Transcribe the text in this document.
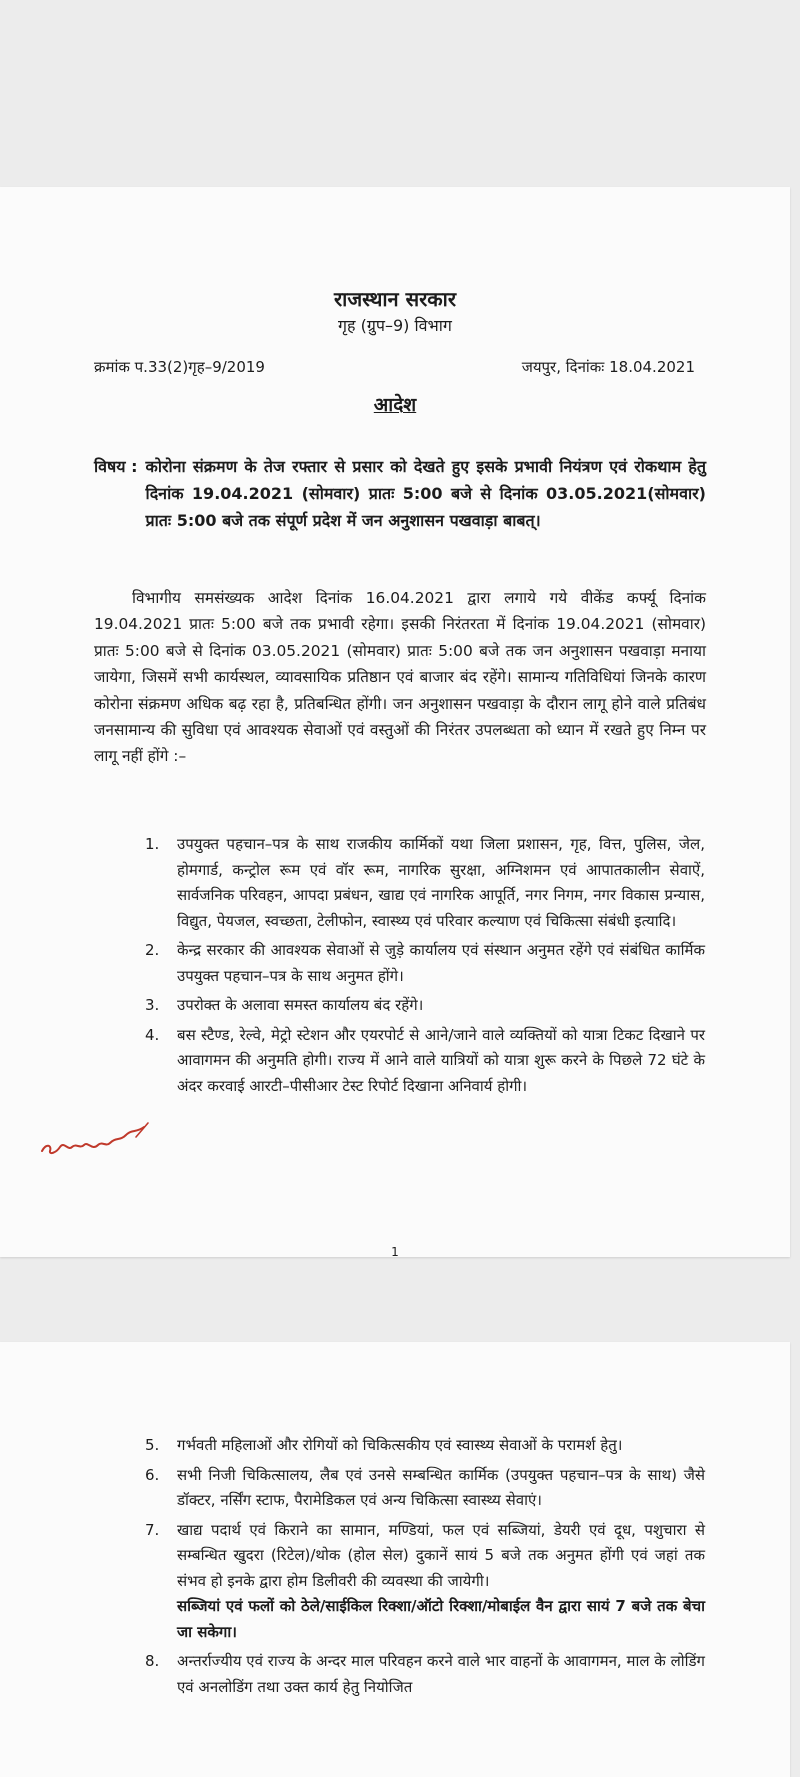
राजस्थान सरकार
गृह (ग्रुप–9) विभाग
क्रमांक प.33(2)गृह–9/2019	जयपुर, दिनांकः 18.04.2021
आदेश
विषय : कोरोना संक्रमण के तेज रफ्तार से प्रसार को देखते हुए इसके प्रभावी नियंत्रण एवं रोकथाम हेतु दिनांक 19.04.2021 (सोमवार) प्रातः 5:00 बजे से दिनांक 03.05.2021(सोमवार) प्रातः 5:00 बजे तक संपूर्ण प्रदेश में जन अनुशासन पखवाड़ा बाबत्।
विभागीय समसंख्यक आदेश दिनांक 16.04.2021 द्वारा लगाये गये वीकेंड कर्फ्यू दिनांक 19.04.2021 प्रातः 5:00 बजे तक प्रभावी रहेगा। इसकी निरंतरता में दिनांक 19.04.2021 (सोमवार) प्रातः 5:00 बजे से दिनांक 03.05.2021 (सोमवार) प्रातः 5:00 बजे तक जन अनुशासन पखवाड़ा मनाया जायेगा, जिसमें सभी कार्यस्थल, व्यावसायिक प्रतिष्ठान एवं बाजार बंद रहेंगे। सामान्य गतिविधियां जिनके कारण कोरोना संक्रमण अधिक बढ़ रहा है, प्रतिबन्धित होंगी। जन अनुशासन पखवाड़ा के दौरान लागू होने वाले प्रतिबंध जनसामान्य की सुविधा एवं आवश्यक सेवाओं एवं वस्तुओं की निरंतर उपलब्धता को ध्यान में रखते हुए निम्न पर लागू नहीं होंगे :–
1.	उपयुक्त पहचान–पत्र के साथ राजकीय कार्मिकों यथा जिला प्रशासन, गृह, वित्त, पुलिस, जेल, होमगार्ड, कन्ट्रोल रूम एवं वॉर रूम, नागरिक सुरक्षा, अग्निशमन एवं आपातकालीन सेवाऐं, सार्वजनिक परिवहन, आपदा प्रबंधन, खाद्य एवं नागरिक आपूर्ति, नगर निगम, नगर विकास प्रन्यास, विद्युत, पेयजल, स्वच्छता, टेलीफोन, स्वास्थ्य एवं परिवार कल्याण एवं चिकित्सा संबंधी इत्यादि।
2.	केन्द्र सरकार की आवश्यक सेवाओं से जुड़े कार्यालय एवं संस्थान अनुमत रहेंगे एवं संबंधित कार्मिक उपयुक्त पहचान–पत्र के साथ अनुमत होंगे।
3.	उपरोक्त के अलावा समस्त कार्यालय बंद रहेंगे।
4.	बस स्टैण्ड, रेल्वे, मेट्रो स्टेशन और एयरपोर्ट से आने/जाने वाले व्यक्तियों को यात्रा टिकट दिखाने पर आवागमन की अनुमति होगी। राज्य में आने वाले यात्रियों को यात्रा शुरू करने के पिछले 72 घंटे के अंदर करवाई आरटी–पीसीआर टेस्ट रिपोर्ट दिखाना अनिवार्य होगी।
1
5.	गर्भवती महिलाओं और रोगियों को चिकित्सकीय एवं स्वास्थ्य सेवाओं के परामर्श हेतु।
6.	सभी निजी चिकित्सालय, लैब एवं उनसे सम्बन्धित कार्मिक (उपयुक्त पहचान–पत्र के साथ) जैसे डॉक्टर, नर्सिंग स्टाफ, पैरामेडिकल एवं अन्य चिकित्सा स्वास्थ्य सेवाएं।
7.	खाद्य पदार्थ एवं किराने का सामान, मण्डियां, फल एवं सब्जियां, डेयरी एवं दूध, पशुचारा से सम्बन्धित खुदरा (रिटेल)/थोक (होल सेल) दुकानें सायं 5 बजे तक अनुमत होंगी एवं जहां तक संभव हो इनके द्वारा होम डिलीवरी की व्यवस्था की जायेगी।
सब्जियां एवं फलों को ठेले/साईकिल रिक्शा/ऑटो रिक्शा/मोबाईल वैन द्वारा सायं 7 बजे तक बेचा जा सकेगा।
8.	अन्तर्राज्यीय एवं राज्य के अन्दर माल परिवहन करने वाले भार वाहनों के आवागमन, माल के लोडिंग एवं अनलोडिंग तथा उक्त कार्य हेतु नियोजित
